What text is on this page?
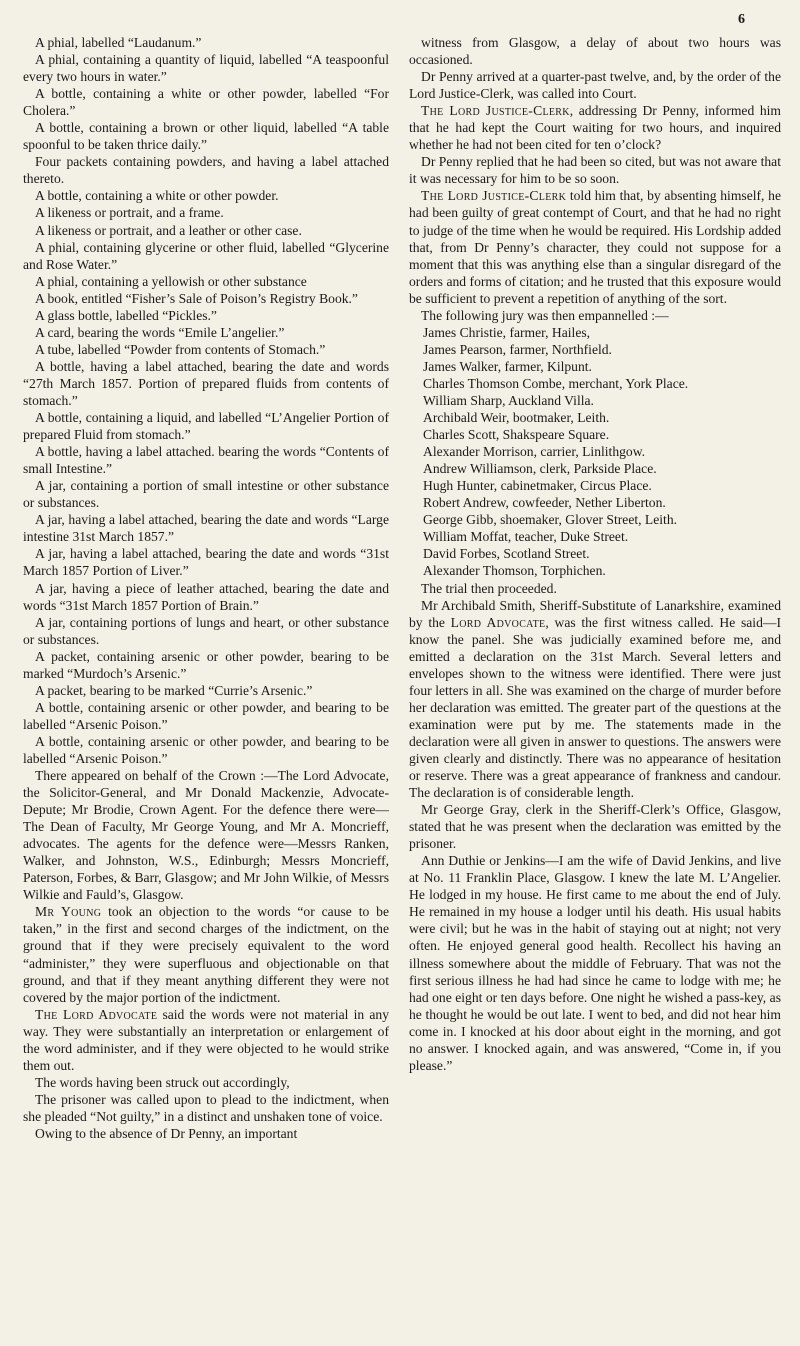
6

A phial, labelled “Laudanum.”

A phial, containing a quantity of liquid, labelled “A teaspoonful every two hours in water.”

A bottle, containing a white or other powder, labelled “For Cholera.”

A bottle, containing a brown or other liquid, labelled “A table spoonful to be taken thrice daily.”

Four packets containing powders, and having a label attached thereto.

A bottle, containing a white or other powder.

A likeness or portrait, and a frame.

A likeness or portrait, and a leather or other case.

A phial, containing glycerine or other fluid, labelled “Glycerine and Rose Water.”

A phial, containing a yellowish or other substance

A book, entitled “Fisher’s Sale of Poison’s Registry Book.”

A glass bottle, labelled “Pickles.”

A card, bearing the words “Emile L’angelier.”

A tube, labelled “Powder from contents of Stomach.”

A bottle, having a label attached, bearing the date and words “27th March 1857. Portion of prepared fluids from contents of stomach.”

A bottle, containing a liquid, and labelled “L’Angelier Portion of prepared Fluid from stomach.”

A bottle, having a label attached. bearing the words “Contents of small Intestine.”

A jar, containing a portion of small intestine or other substance or substances.

A jar, having a label attached, bearing the date and words “Large intestine 31st March 1857.”

A jar, having a label attached, bearing the date and words “31st March 1857 Portion of Liver.”

A jar, having a piece of leather attached, bearing the date and words “31st March 1857 Portion of Brain.”

A jar, containing portions of lungs and heart, or other substance or substances.

A packet, containing arsenic or other powder, bearing to be marked “Murdoch’s Arsenic.”

A packet, bearing to be marked “Currie’s Arsenic.”

A bottle, containing arsenic or other powder, and bearing to be labelled “Arsenic Poison.”

A bottle, containing arsenic or other powder, and bearing to be labelled “Arsenic Poison.”

There appeared on behalf of the Crown :—The Lord Advocate, the Solicitor-General, and Mr Donald Mackenzie, Advocate-Depute; Mr Brodie, Crown Agent. For the defence there were—The Dean of Faculty, Mr George Young, and Mr A. Moncrieff, advocates. The agents for the defence were—Messrs Ranken, Walker, and Johnston, W.S., Edinburgh; Messrs Moncrieff, Paterson, Forbes, & Barr, Glasgow; and Mr John Wilkie, of Messrs Wilkie and Fauld’s, Glasgow.

Mr Young took an objection to the words “or cause to be taken,” in the first and second charges of the indictment, on the ground that if they were precisely equivalent to the word “administer,” they were superfluous and objectionable on that ground, and that if they meant anything different they were not covered by the major portion of the indictment.

The Lord Advocate said the words were not material in any way. They were substantially an interpretation or enlargement of the word administer, and if they were objected to he would strike them out.

The words having been struck out accordingly,

The prisoner was called upon to plead to the indictment, when she pleaded “Not guilty,” in a distinct and unshaken tone of voice.

Owing to the absence of Dr Penny, an important

witness from Glasgow, a delay of about two hours was occasioned.

Dr Penny arrived at a quarter-past twelve, and, by the order of the Lord Justice-Clerk, was called into Court.

The Lord Justice-Clerk, addressing Dr Penny, informed him that he had kept the Court waiting for two hours, and inquired whether he had not been cited for ten o’clock?

Dr Penny replied that he had been so cited, but was not aware that it was necessary for him to be so soon.

The Lord Justice-Clerk told him that, by absenting himself, he had been guilty of great contempt of Court, and that he had no right to judge of the time when he would be required. His Lordship added that, from Dr Penny’s character, they could not suppose for a moment that this was anything else than a singular disregard of the orders and forms of citation; and he trusted that this exposure would be sufficient to prevent a repetition of anything of the sort.

The following jury was then empannelled :—

James Christie, farmer, Hailes,

James Pearson, farmer, Northfield.

James Walker, farmer, Kilpunt.

Charles Thomson Combe, merchant, York Place.

William Sharp, Auckland Villa.

Archibald Weir, bootmaker, Leith.

Charles Scott, Shakspeare Square.

Alexander Morrison, carrier, Linlithgow.

Andrew Williamson, clerk, Parkside Place.

Hugh Hunter, cabinetmaker, Circus Place.

Robert Andrew, cowfeeder, Nether Liberton.

George Gibb, shoemaker, Glover Street, Leith.

William Moffat, teacher, Duke Street.

David Forbes, Scotland Street.

Alexander Thomson, Torphichen.

The trial then proceeded.

Mr Archibald Smith, Sheriff-Substitute of Lanarkshire, examined by the Lord Advocate, was the first witness called. He said—I know the panel. She was judicially examined before me, and emitted a declaration on the 31st March. Several letters and envelopes shown to the witness were identified. There were just four letters in all. She was examined on the charge of murder before her declaration was emitted. The greater part of the questions at the examination were put by me. The statements made in the declaration were all given in answer to questions. The answers were given clearly and distinctly. There was no appearance of hesitation or reserve. There was a great appearance of frankness and candour. The declaration is of considerable length.

Mr George Gray, clerk in the Sheriff-Clerk’s Office, Glasgow, stated that he was present when the declaration was emitted by the prisoner.

Ann Duthie or Jenkins—I am the wife of David Jenkins, and live at No. 11 Franklin Place, Glasgow. I knew the late M. L’Angelier. He lodged in my house. He first came to me about the end of July. He remained in my house a lodger until his death. His usual habits were civil; but he was in the habit of staying out at night; not very often. He enjoyed general good health. Recollect his having an illness somewhere about the middle of February. That was not the first serious illness he had had since he came to lodge with me; he had one eight or ten days before. One night he wished a pass-key, as he thought he would be out late. I went to bed, and did not hear him come in. I knocked at his door about eight in the morning, and got no answer. I knocked again, and was answered, “Come in, if you please.”
